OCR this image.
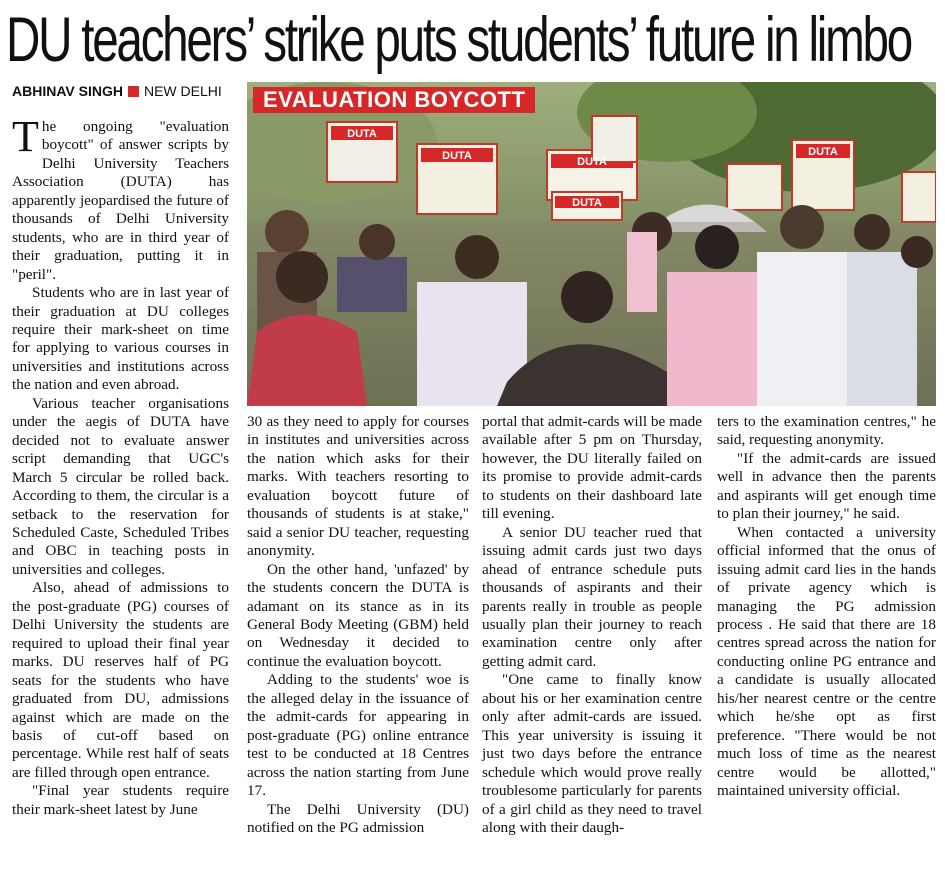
DU teachers’ strike puts students’ future in limbo
ABHINAV SINGH NEW DELHI
DUTA
DUTA	DUTA
DUTA
DUTA
EVALUATION BOYCOTT

The ongoing "evaluation boycott" of answer scripts by Delhi University Teachers Association (DUTA) has apparently jeopardised the future of thousands of Delhi University students, who are in third year of their graduation, putting it in "peril".

Students who are in last year of their graduation at DU colleges require their mark-sheet on time for applying to various courses in universities and institutions across the nation and even abroad.

Various teacher organisations under the aegis of DUTA have decided not to evaluate answer script demanding that UGC's March 5 circular be rolled back. According to them, the circular is a setback to the reservation for Scheduled Caste, Scheduled Tribes and OBC in teaching posts in universities and colleges.

Also, ahead of admissions to the post-graduate (PG) courses of Delhi University the students are required to upload their final year marks. DU reserves half of PG seats for the students who have graduated from DU, admissions against which are made on the basis of cut-off based on percentage. While rest half of seats are filled through open entrance.

"Final year students require their mark-sheet latest by June

30 as they need to apply for courses in institutes and universities across the nation which asks for their marks. With teachers resorting to evaluation boycott future of thousands of students is at stake," said a senior DU teacher, requesting anonymity.

On the other hand, 'unfazed' by the students concern the DUTA is adamant on its stance as in its General Body Meeting (GBM) held on Wednesday it decided to continue the evaluation boycott.

Adding to the students' woe is the alleged delay in the issuance of the admit-cards for appearing in post-graduate (PG) online entrance test to be conducted at 18 Centres across the nation starting from June 17.

The Delhi University (DU) notified on the PG admission

portal that admit-cards will be made available after 5 pm on Thursday, however, the DU literally failed on its promise to provide admit-cards to students on their dashboard late till evening.

A senior DU teacher rued that issuing admit cards just two days ahead of entrance schedule puts thousands of aspirants and their parents really in trouble as people usually plan their journey to reach examination centre only after getting admit card.

"One came to finally know about his or her examination centre only after admit-cards are issued. This year university is issuing it just two days before the entrance schedule which would prove really troublesome particularly for parents of a girl child as they need to travel along with their daugh-

ters to the examination centres," he said, requesting anonymity.

"If the admit-cards are issued well in advance then the parents and aspirants will get enough time to plan their journey," he said.

When contacted a university official informed that the onus of issuing admit card lies in the hands of private agency which is managing the PG admission process . He said that there are 18 centres spread across the nation for conducting online PG entrance and a candidate is usually allocated his/her nearest centre or the centre which he/she opt as first preference. "There would be not much loss of time as the nearest centre would be allotted," maintained university official.
